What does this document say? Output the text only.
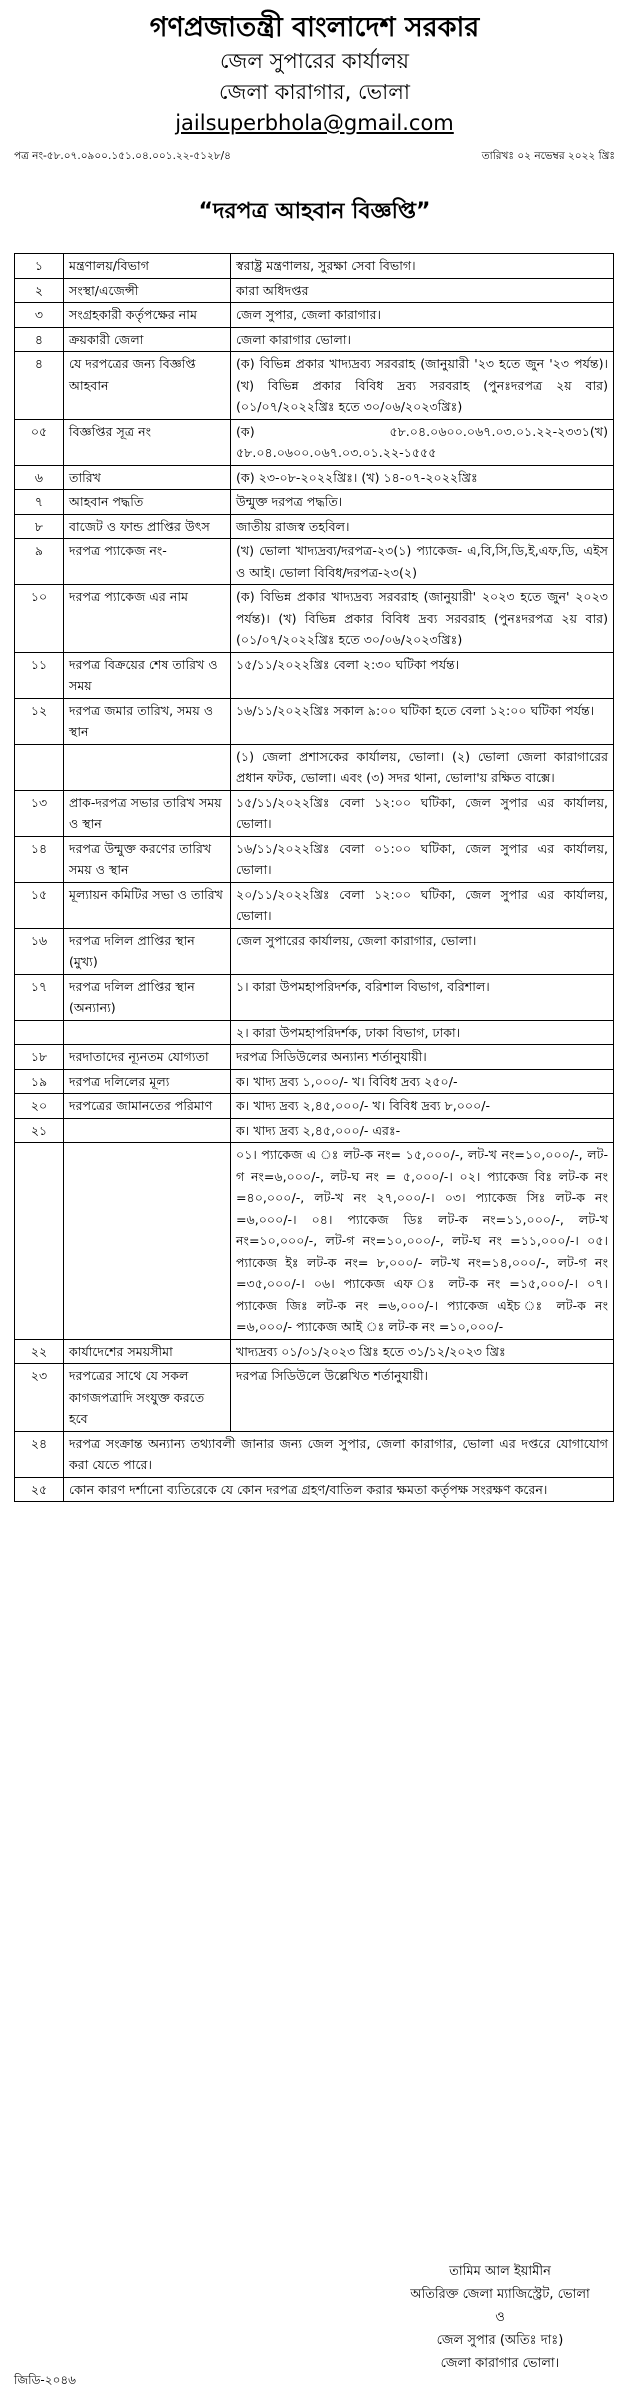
গণপ্রজাতন্ত্রী বাংলাদেশ সরকার
জেল সুপারের কার্যালয়
জেলা কারাগার, ভোলা
jailsuperbhola@gmail.com
পত্র নং-৫৮.০৭.০৯০০.১৫১.০৪.০০১.২২-৫১২৮/৪	তারিখঃ ০২ নভেম্বর ২০২২ খ্রিঃ
“দরপত্র আহবান বিজ্ঞপ্তি”
১	মন্ত্রণালয়/বিভাগ	স্বরাষ্ট্র মন্ত্রণালয়, সুরক্ষা সেবা বিভাগ।
২	সংস্থা/এজেন্সী	কারা অধিদপ্তর
৩	সংগ্রহকারী কর্তৃপক্ষের নাম	জেল সুপার, জেলা কারাগার।
৪	ক্রয়কারী জেলা	জেলা কারাগার ভোলা।
৪	যে দরপত্রের জন্য বিজ্ঞপ্তি আহবান	(ক) বিভিন্ন প্রকার খাদ্যদ্রব্য সরবরাহ (জানুয়ারী '২৩ হতে জুন '২৩ পর্যন্ত)। (খ) বিভিন্ন প্রকার বিবিধ দ্রব্য সরবরাহ (পুনঃদরপত্র ২য় বার) (০১/০৭/২০২২খ্রিঃ হতে ৩০/০৬/২০২৩খ্রিঃ)
০৫	বিজ্ঞপ্তির সূত্র নং	(ক) ৫৮.০৪.০৬০০.০৬৭.০৩.০১.২২-২৩৩১(খ) ৫৮.০৪.০৬০০.০৬৭.০৩.০১.২২-১৫৫৫
৬	তারিখ	(ক) ২৩-০৮-২০২২খ্রিঃ। (খ) ১৪-০৭-২০২২খ্রিঃ
৭	আহবান পদ্ধতি	উন্মুক্ত দরপত্র পদ্ধতি।
৮	বাজেট ও ফান্ড প্রাপ্তির উৎস	জাতীয় রাজস্ব তহবিল।
৯	দরপত্র প্যাকেজ নং-	(খ) ভোলা খাদ্যদ্রব্য/দরপত্র-২৩(১) প্যাকেজ- এ,বি,সি,ডি,ই,এফ,ডি, এইস ও আই। ভোলা বিবিধ/দরপত্র-২৩(২)
১০	দরপত্র প্যাকেজ এর নাম	(ক) বিভিন্ন প্রকার খাদ্যদ্রব্য সরবরাহ (জানুয়ারী' ২০২৩ হতে জুন' ২০২৩ পর্যন্ত)। (খ) বিভিন্ন প্রকার বিবিধ দ্রব্য সরবরাহ (পুনঃদরপত্র ২য় বার) (০১/০৭/২০২২খ্রিঃ হতে ৩০/০৬/২০২৩খ্রিঃ)
১১	দরপত্র বিক্রয়ের শেষ তারিখ ও সময়	১৫/১১/২০২২খ্রিঃ বেলা ২:৩০ ঘটিকা পর্যন্ত।
১২	দরপত্র জমার তারিখ, সময় ও স্থান	১৬/১১/২০২২খ্রিঃ সকাল ৯:০০ ঘটিকা হতে বেলা ১২:০০ ঘটিকা পর্যন্ত।
		(১) জেলা প্রশাসকের কার্যালয়, ভোলা। (২) ভোলা জেলা কারাগারের প্রধান ফটক, ভোলা। এবং (৩) সদর থানা, ভোলা'য় রক্ষিত বাক্সে।
১৩	প্রাক-দরপত্র সভার তারিখ সময় ও স্থান	১৫/১১/২০২২খ্রিঃ বেলা ১২:০০ ঘটিকা, জেল সুপার এর কার্যালয়, ভোলা।
১৪	দরপত্র উন্মুক্ত করণের তারিখ সময় ও স্থান	১৬/১১/২০২২খ্রিঃ বেলা ০১:০০ ঘটিকা, জেল সুপার এর কার্যালয়, ভোলা।
১৫	মূল্যায়ন কমিটির সভা ও তারিখ	২০/১১/২০২২খ্রিঃ বেলা ১২:০০ ঘটিকা, জেল সুপার এর কার্যালয়, ভোলা।
১৬	দরপত্র দলিল প্রাপ্তির স্থান (মুখ্য)	জেল সুপারের কার্যালয়, জেলা কারাগার, ভোলা।
১৭	দরপত্র দলিল প্রাপ্তির স্থান (অন্যান্য)	১। কারা উপমহাপরিদর্শক, বরিশাল বিভাগ, বরিশাল।
		২। কারা উপমহাপরিদর্শক, ঢাকা বিভাগ, ঢাকা।
১৮	দরদাতাদের ন্যূনতম যোগ্যতা	দরপত্র সিডিউলের অন্যান্য শর্তানুযায়ী।
১৯	দরপত্র দলিলের মূল্য	ক। খাদ্য দ্রব্য ১,০০০/- খ। বিবিধ দ্রব্য ২৫০/-
২০	দরপত্রের জামানতের পরিমাণ	ক। খাদ্য দ্রব্য ২,৪৫,০০০/- খ। বিবিধ দ্রব্য ৮,০০০/-
২১		ক। খাদ্য দ্রব্য ২,৪৫,০০০/- এরঃ-
		০১। প্যাকেজ এ ঃ লট-ক নং= ১৫,০০০/-, লট-খ নং=১০,০০০/-, লট-গ নং=৬,০০০/-, লট-ঘ নং = ৫,০০০/-। ০২। প্যাকেজ বিঃ লট-ক নং =৪০,০০০/-, লট-খ নং ২৭,০০০/-। ০৩। প্যাকেজ সিঃ লট-ক নং =৬,০০০/-। ০৪। প্যাকেজ ডিঃ লট-ক নং=১১,০০০/-, লট-খ নং=১০,০০০/-, লট-গ নং=১০,০০০/-, লট-ঘ নং =১১,০০০/-। ০৫। প্যাকেজ ইঃ লট-ক নং= ৮,০০০/- লট-খ নং=১৪,০০০/-, লট-গ নং =৩৫,০০০/-। ০৬। প্যাকেজ এফ ঃ লট-ক নং =১৫,০০০/-। ০৭। প্যাকেজ জিঃ লট-ক নং =৬,০০০/-। প্যাকেজ এইচ ঃ লট-ক নং =৬,০০০/- প্যাকেজ আই ঃ লট-ক নং =১০,০০০/-
২২	কার্যাদেশের সময়সীমা	খাদ্যদ্রব্য ০১/০১/২০২৩ খ্রিঃ হতে ৩১/১২/২০২৩ খ্রিঃ
২৩	দরপত্রের সাথে যে সকল কাগজপত্রাদি সংযুক্ত করতে হবে	দরপত্র সিডিউলে উল্লেখিত শর্তানুযায়ী।
২৪	দরপত্র সংক্রান্ত অন্যান্য তথ্যাবলী জানার জন্য জেল সুপার, জেলা কারাগার, ভোলা এর দপ্তরে যোগাযোগ করা যেতে পারে।	
২৫	কোন কারণ দর্শানো ব্যতিরেকে যে কোন দরপত্র গ্রহণ/বাতিল করার ক্ষমতা কর্তৃপক্ষ সংরক্ষণ করেন।	
তামিম আল ইয়ামীন
অতিরিক্ত জেলা ম্যাজিস্ট্রেট, ভোলা
ও
জেল সুপার (অতিঃ দাঃ)
জেলা কারাগার ভোলা।
জিডি-২০৪৬
